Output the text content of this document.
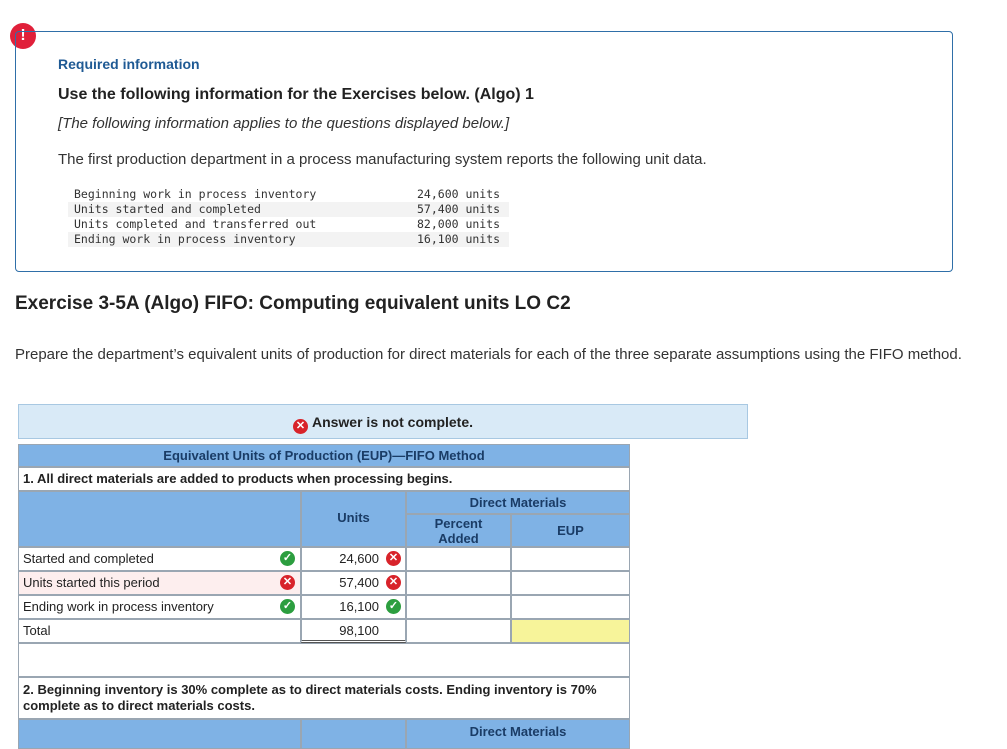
!
Required information
Use the following information for the Exercises below. (Algo) 1
[The following information applies to the questions displayed below.]
The first production department in a process manufacturing system reports the following unit data.
Beginning work in process inventory	24,600 units
Units started and completed	57,400 units
Units completed and transferred out	82,000 units
Ending work in process inventory	16,100 units
Exercise 3-5A (Algo) FIFO: Computing equivalent units LO C2
Prepare the department’s equivalent units of production for direct materials for each of the three separate assumptions using the FIFO method.
✕ Answer is not complete.
Equivalent Units of Production (EUP)—FIFO Method
1. All direct materials are added to products when processing begins.
Units
Direct Materials
Percent
Added
EUP
Started and completed	✓	24,600 ✕
Units started this period	✕	57,400 ✕
Ending work in process inventory	✓	16,100 ✓
Total	98,100
2. Beginning inventory is 30% complete as to direct materials costs. Ending inventory is 70% complete as to direct materials costs.
Direct Materials
